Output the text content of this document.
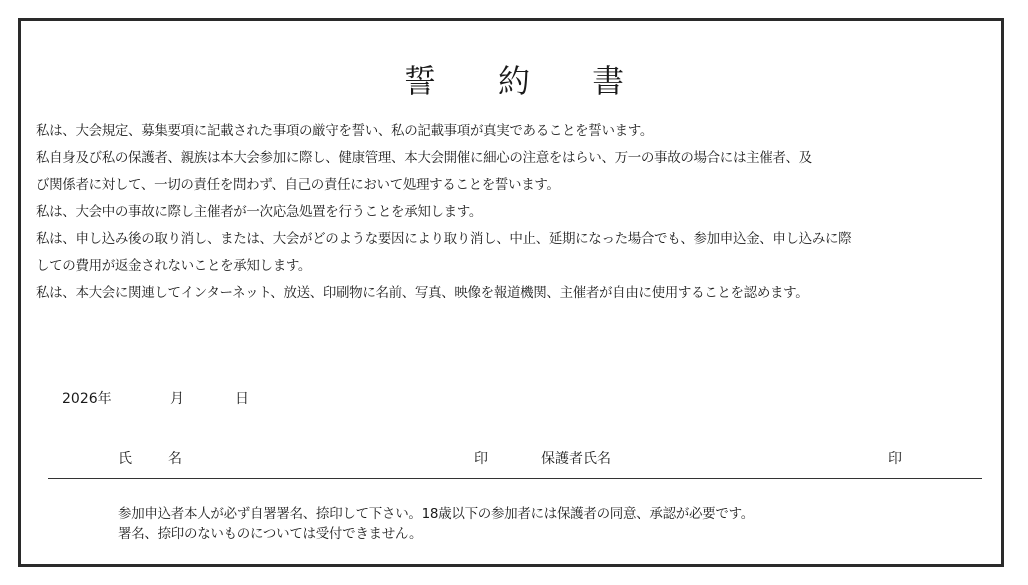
誓 約 書

私は、大会規定、募集要項に記載された事項の厳守を誓い、私の記載事項が真実であることを誓います。

私自身及び私の保護者、親族は本大会参加に際し、健康管理、本大会開催に細心の注意をはらい、万一の事故の場合には主催者、及

び関係者に対して、一切の責任を問わず、自己の責任において処理することを誓います。

私は、大会中の事故に際し主催者が一次応急処置を行うことを承知します。

私は、申し込み後の取り消し、または、大会がどのような要因により取り消し、中止、延期になった場合でも、参加申込金、申し込みに際

しての費用が返金されないことを承知します。

私は、本大会に関連してインターネット、放送、印刷物に名前、写真、映像を報道機関、主催者が自由に使用することを認めます。

2026年	月	日
氏	名	印	保護者氏名	印

参加申込者本人が必ず自署署名、捺印して下さい。18歳以下の参加者には保護者の同意、承認が必要です。

署名、捺印のないものについては受付できません。
